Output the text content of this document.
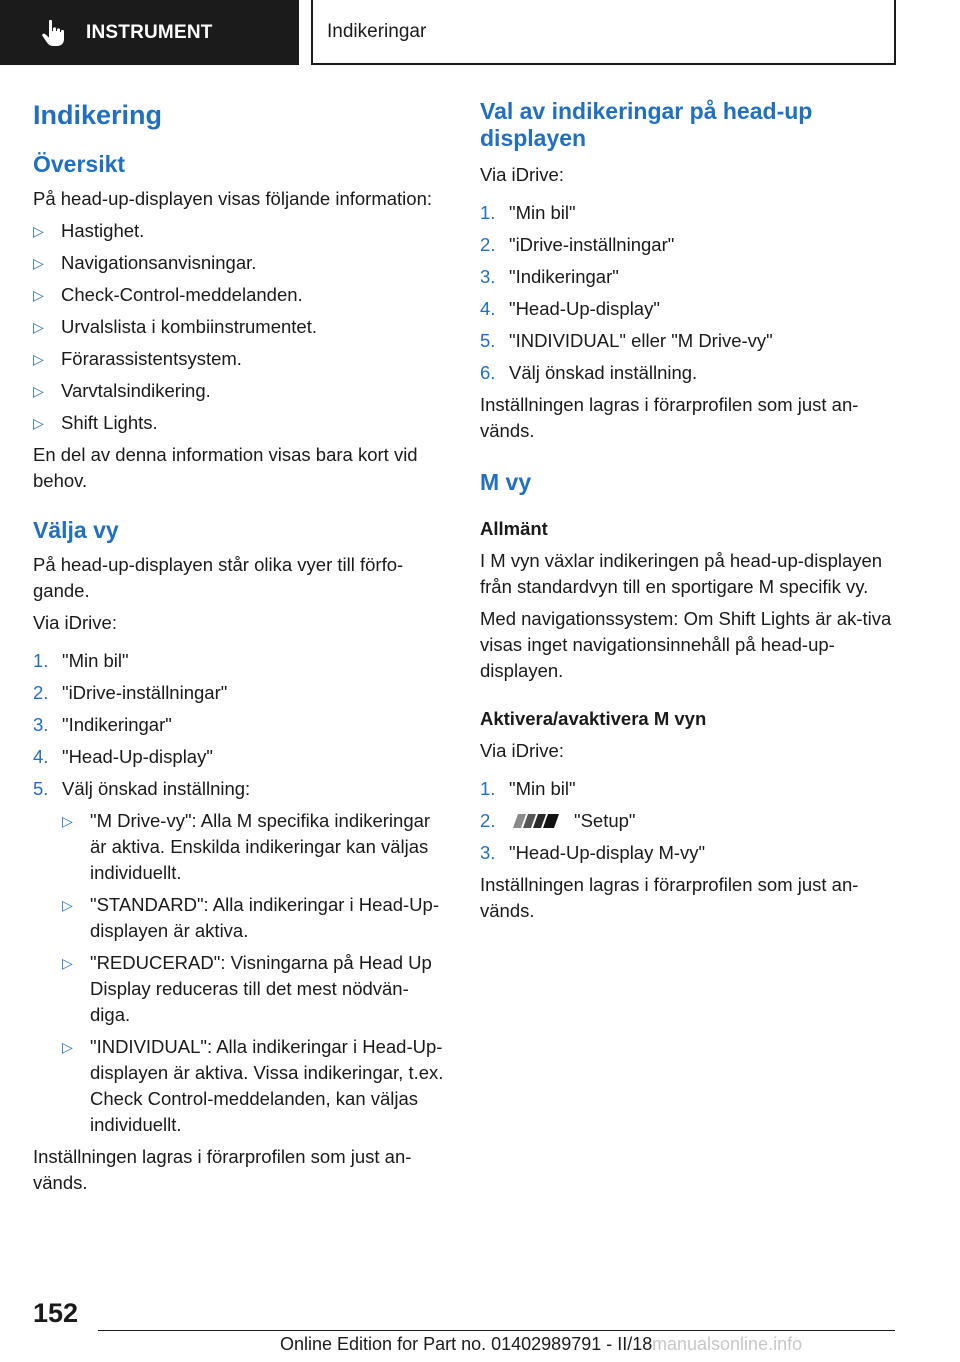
INSTRUMENT	Indikeringar
Indikering
Översikt

På head-up-displayen visas följande information:

▷ Hastighet.
▷ Navigationsanvisningar.
▷ Check-Control-meddelanden.
▷ Urvalslista i kombiinstrumentet.
▷ Förarassistentsystem.
▷ Varvtalsindikering.
▷ Shift Lights.

En del av denna information visas bara kort vid behov.

Välja vy

På head-up-displayen står olika vyer till förfo‐gande.

Via iDrive:

1. "Min bil"
2. "iDrive-inställningar"
3. "Indikeringar"
4. "Head-Up-display"
5. Välj önskad inställning:
▷ "M Drive-vy": Alla M specifika indikeringar är aktiva. Enskilda indikeringar kan väljas individuellt.
▷ "STANDARD": Alla indikeringar i Head-Up-displayen är aktiva.
▷ "REDUCERAD": Visningarna på Head Up Display reduceras till det mest nödvän‐diga.
▷ "INDIVIDUAL": Alla indikeringar i Head-Up-displayen är aktiva. Vissa indikeringar, t.ex. Check Control-meddelanden, kan väljas individuellt.

Inställningen lagras i förarprofilen som just an‐vänds.

Val av indikeringar på head-up displayen

Via iDrive:

1. "Min bil"
2. "iDrive-inställningar"
3. "Indikeringar"
4. "Head-Up-display"
5. "INDIVIDUAL" eller "M Drive-vy"
6. Välj önskad inställning.

Inställningen lagras i förarprofilen som just an‐vänds.

M vy
Allmänt

I M vyn växlar indikeringen på head-up-displayen från standardvyn till en sportigare M specifik vy.

Med navigationssystem: Om Shift Lights är ak‐tiva visas inget navigationsinnehåll på head-up-displayen.

Aktivera/avaktivera M vyn

Via iDrive:

1. "Min bil"
2.	"Setup"
3. "Head-Up-display M-vy"

Inställningen lagras i förarprofilen som just an‐vänds.

152
Online Edition for Part no. 01402989791 - II/18 manualsonline.info
